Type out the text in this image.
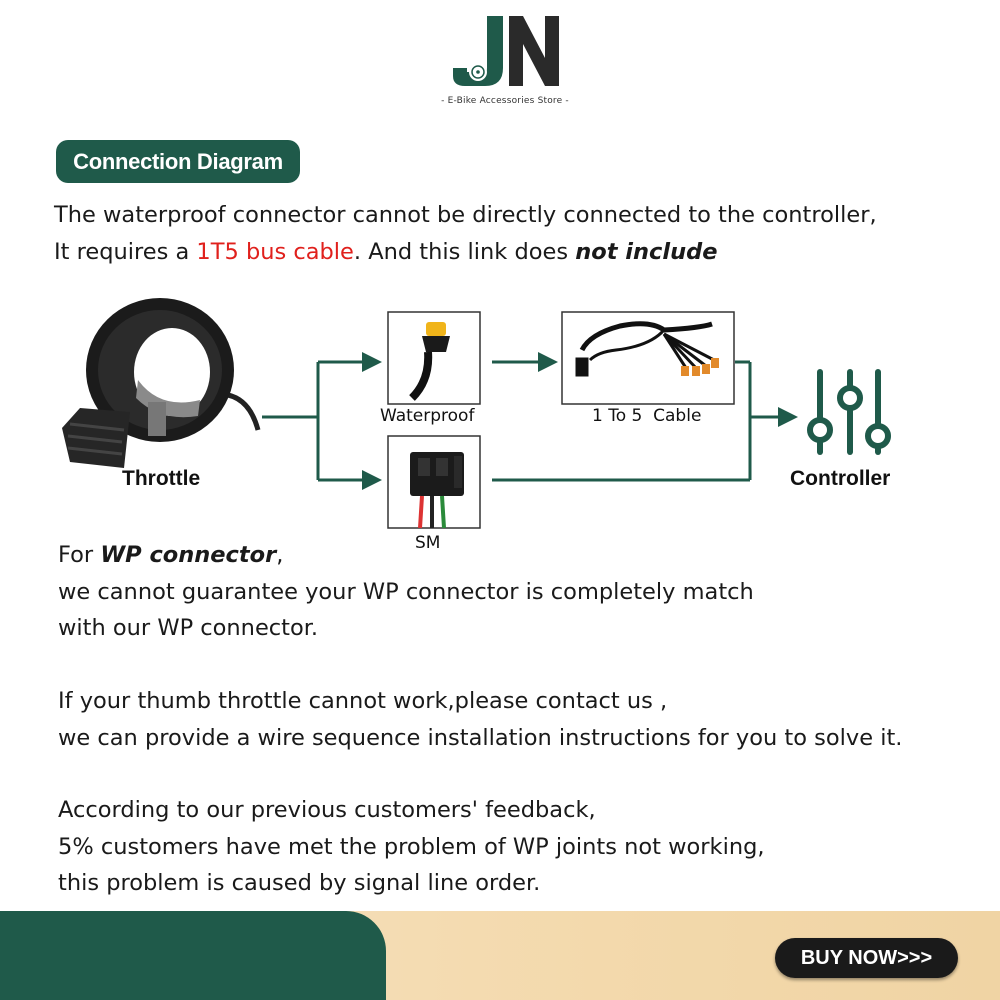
- E-Bike Accessories Store -
Connection Diagram
The waterproof connector cannot be directly connected to the controller,
It requires a 1T5 bus cable. And this link does not include
Throttle
Waterproof	1 To 5  Cable
SM
Controller
For WP connector,
we cannot guarantee your WP connector is completely match
with our WP connector.
If your thumb throttle cannot work,please contact us ,
we can provide a wire sequence installation instructions for you to solve it.
According to our previous customers' feedback,
5% customers have met the problem of WP joints not working,
this problem is caused by signal line order.
BUY NOW>>>
